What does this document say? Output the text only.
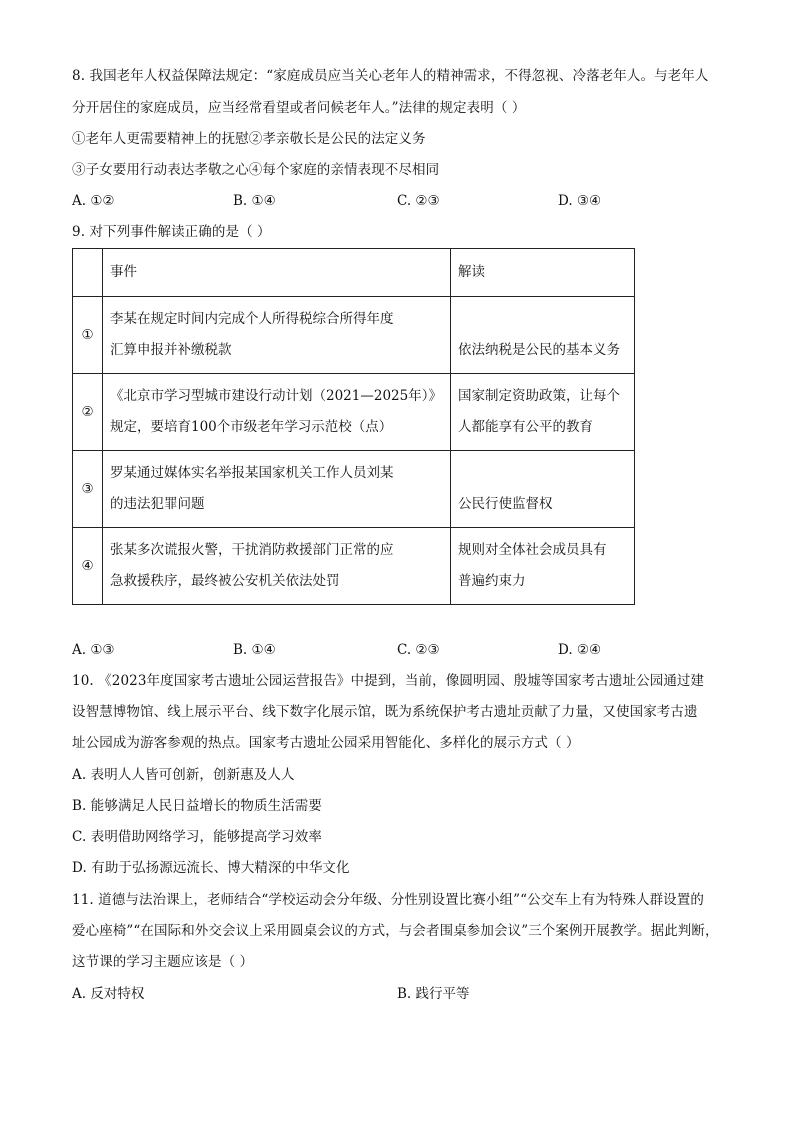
8. 我国老年人权益保障法规定：“家庭成员应当关心老年人的精神需求，不得忽视、冷落老年人。与老年人
分开居住的家庭成员，应当经常看望或者问候老年人。”法律的规定表明（ ）
①老年人更需要精神上的抚慰②孝亲敬长是公民的法定义务
③子女要用行动表达孝敬之心④每个家庭的亲情表现不尽相同
A. ①②	B. ①④	C. ②③	D. ③④
9. 对下列事件解读正确的是（ ）
	事件	解读
①	李某在规定时间内完成个人所得税综合所得年度
汇算申报并补缴税款	依法纳税是公民的基本义务

②	《北京市学习型城市建设行动计划（2021—2025年）》
规定，要培育100个市级老年学习示范校（点）	国家制定资助政策，让每个
人都能享有公平的教育

③	罗某通过媒体实名举报某国家机关工作人员刘某
的违法犯罪问题	公民行使监督权

④	张某多次谎报火警，干扰消防救援部门正常的应
急救援秩序，最终被公安机关依法处罚	规则对全体社会成员具有
普遍约束力
A. ①③	B. ①④	C. ②③	D. ②④
10. 《2023年度国家考古遗址公园运营报告》中提到，当前，像圆明园、殷墟等国家考古遗址公园通过建
设智慧博物馆、线上展示平台、线下数字化展示馆，既为系统保护考古遗址贡献了力量，又使国家考古遗
址公园成为游客参观的热点。国家考古遗址公园采用智能化、多样化的展示方式（ ）
A. 表明人人皆可创新，创新惠及人人
B. 能够满足人民日益增长的物质生活需要
C. 表明借助网络学习，能够提高学习效率
D. 有助于弘扬源远流长、博大精深的中华文化
11. 道德与法治课上，老师结合“学校运动会分年级、分性别设置比赛小组”“公交车上有为特殊人群设置的
爱心座椅”“在国际和外交会议上采用圆桌会议的方式，与会者围桌参加会议”三个案例开展教学。据此判断，
这节课的学习主题应该是（ ）
A. 反对特权	B. 践行平等
